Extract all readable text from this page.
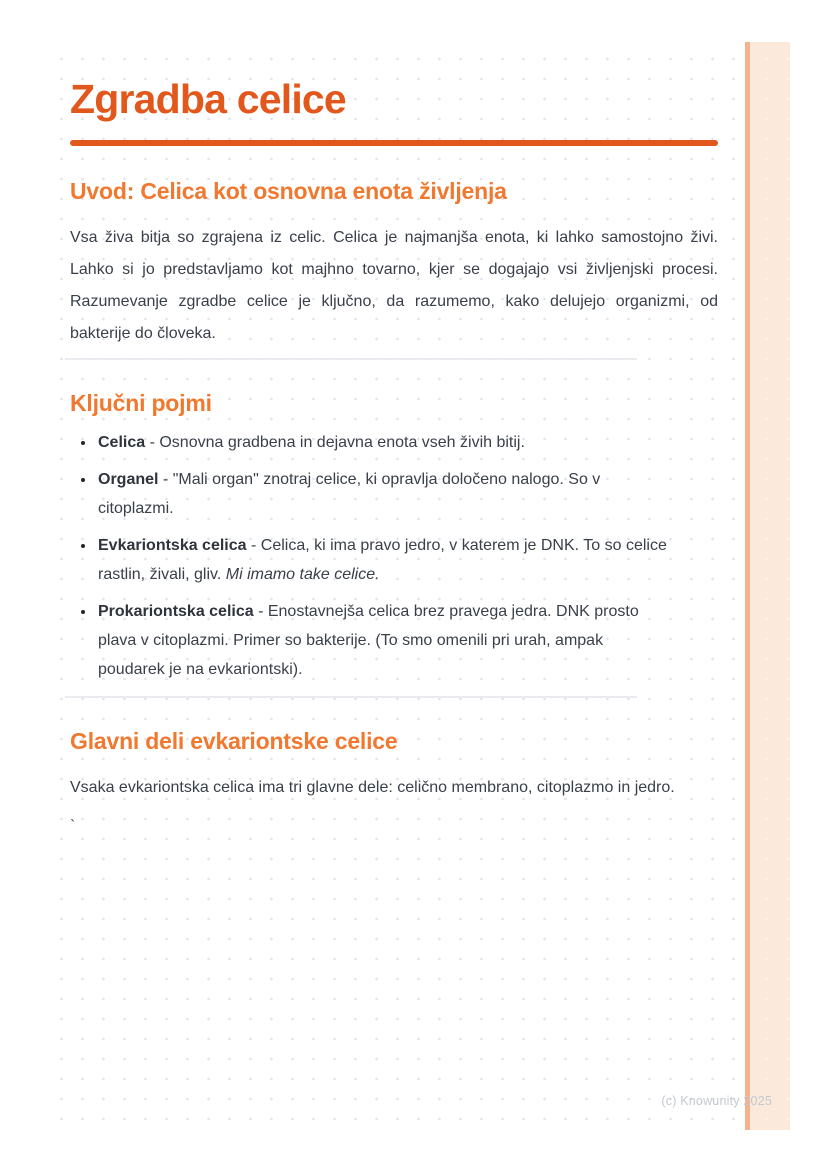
Zgradba celice
Uvod: Celica kot osnovna enota življenja

Vsa živa bitja so zgrajena iz celic. Celica je najmanjša enota, ki lahko samostojno živi. Lahko si jo predstavljamo kot majhno tovarno, kjer se dogajajo vsi življenjski procesi. Razumevanje zgradbe celice je ključno, da razumemo, kako delujejo organizmi, od bakterije do človeka.

Ključni pojmi
• Celica - Osnovna gradbena in dejavna enota vseh živih bitij.
• Organel - "Mali organ" znotraj celice, ki opravlja določeno nalogo. So v citoplazmi.
• Evkariontska celica - Celica, ki ima pravo jedro, v katerem je DNK. To so celice rastlin, živali, gliv. Mi imamo take celice.
• Prokariontska celica - Enostavnejša celica brez pravega jedra. DNK prosto plava v citoplazmi. Primer so bakterije. (To smo omenili pri urah, ampak poudarek je na evkariontski).
Glavni deli evkariontske celice

Vsaka evkariontska celica ima tri glavne dele: celično membrano, citoplazmo in jedro.

`

(c) Knowunity 2025
